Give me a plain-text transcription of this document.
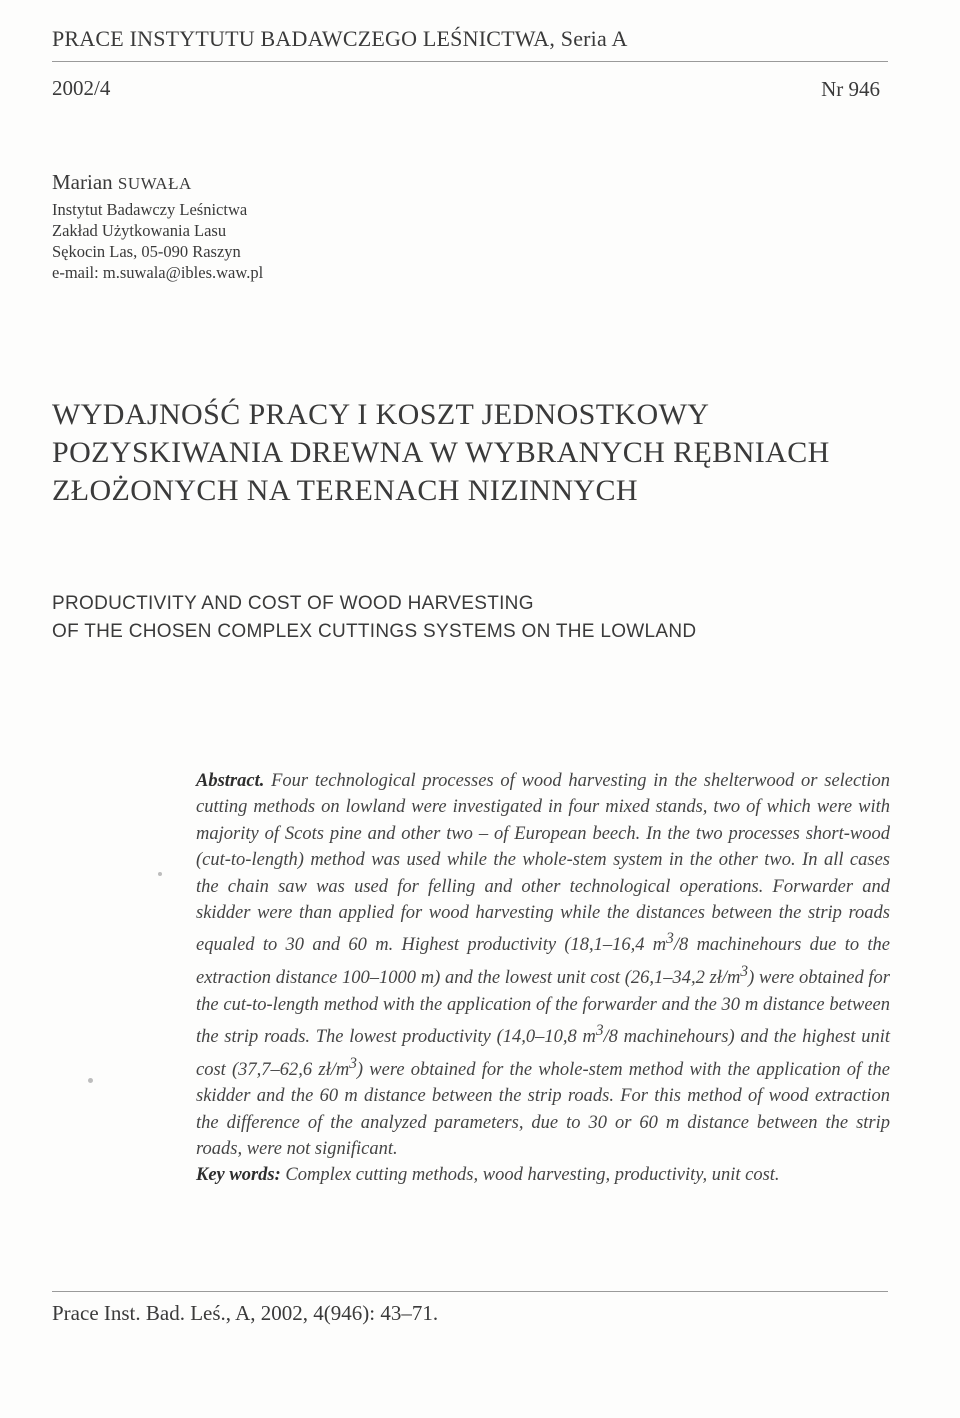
PRACE INSTYTUTU BADAWCZEGO LEŚNICTWA, Seria A
2002/4	Nr 946
Marian SUWAŁA
Instytut Badawczy Leśnictwa
Zakład Użytkowania Lasu
Sękocin Las, 05-090 Raszyn
e-mail: m.suwala@ibles.waw.pl
WYDAJNOŚĆ PRACY I KOSZT JEDNOSTKOWY
POZYSKIWANIA DREWNA W WYBRANYCH RĘBNIACH
ZŁOŻONYCH NA TERENACH NIZINNYCH
PRODUCTIVITY AND COST OF WOOD HARVESTING
OF THE CHOSEN COMPLEX CUTTINGS SYSTEMS ON THE LOWLAND

Abstract. Four technological processes of wood harvesting in the shelterwood or selection cutting methods on lowland were investigated in four mixed stands, two of which were with majority of Scots pine and other two – of European beech. In the two processes short-wood (cut-to-length) method was used while the whole-stem system in the other two. In all cases the chain saw was used for felling and other technological operations. Forwarder and skidder were than applied for wood harvesting while the distances between the strip roads equaled to 30 and 60 m. Highest productivity (18,1–16,4 $m^3/8$ machinehours due to the extraction distance 100–1000 m) and the lowest unit cost (26,1–34,2 $zł/m^3$) were obtained for the cut-to-length method with the application of the forwarder and the 30 m distance between the strip roads. The lowest productivity (14,0–10,8 $m^3/8$ machinehours) and the highest unit cost (37,7–62,6 $zł/m^3$) were obtained for the whole-stem method with the application of the skidder and the 60 m distance between the strip roads. For this method of wood extraction the difference of the analyzed parameters, due to 30 or 60 m distance between the strip roads, were not significant.

Key words: Complex cutting methods, wood harvesting, productivity, unit cost.

Prace Inst. Bad. Leś., A, 2002, 4(946): 43–71.
